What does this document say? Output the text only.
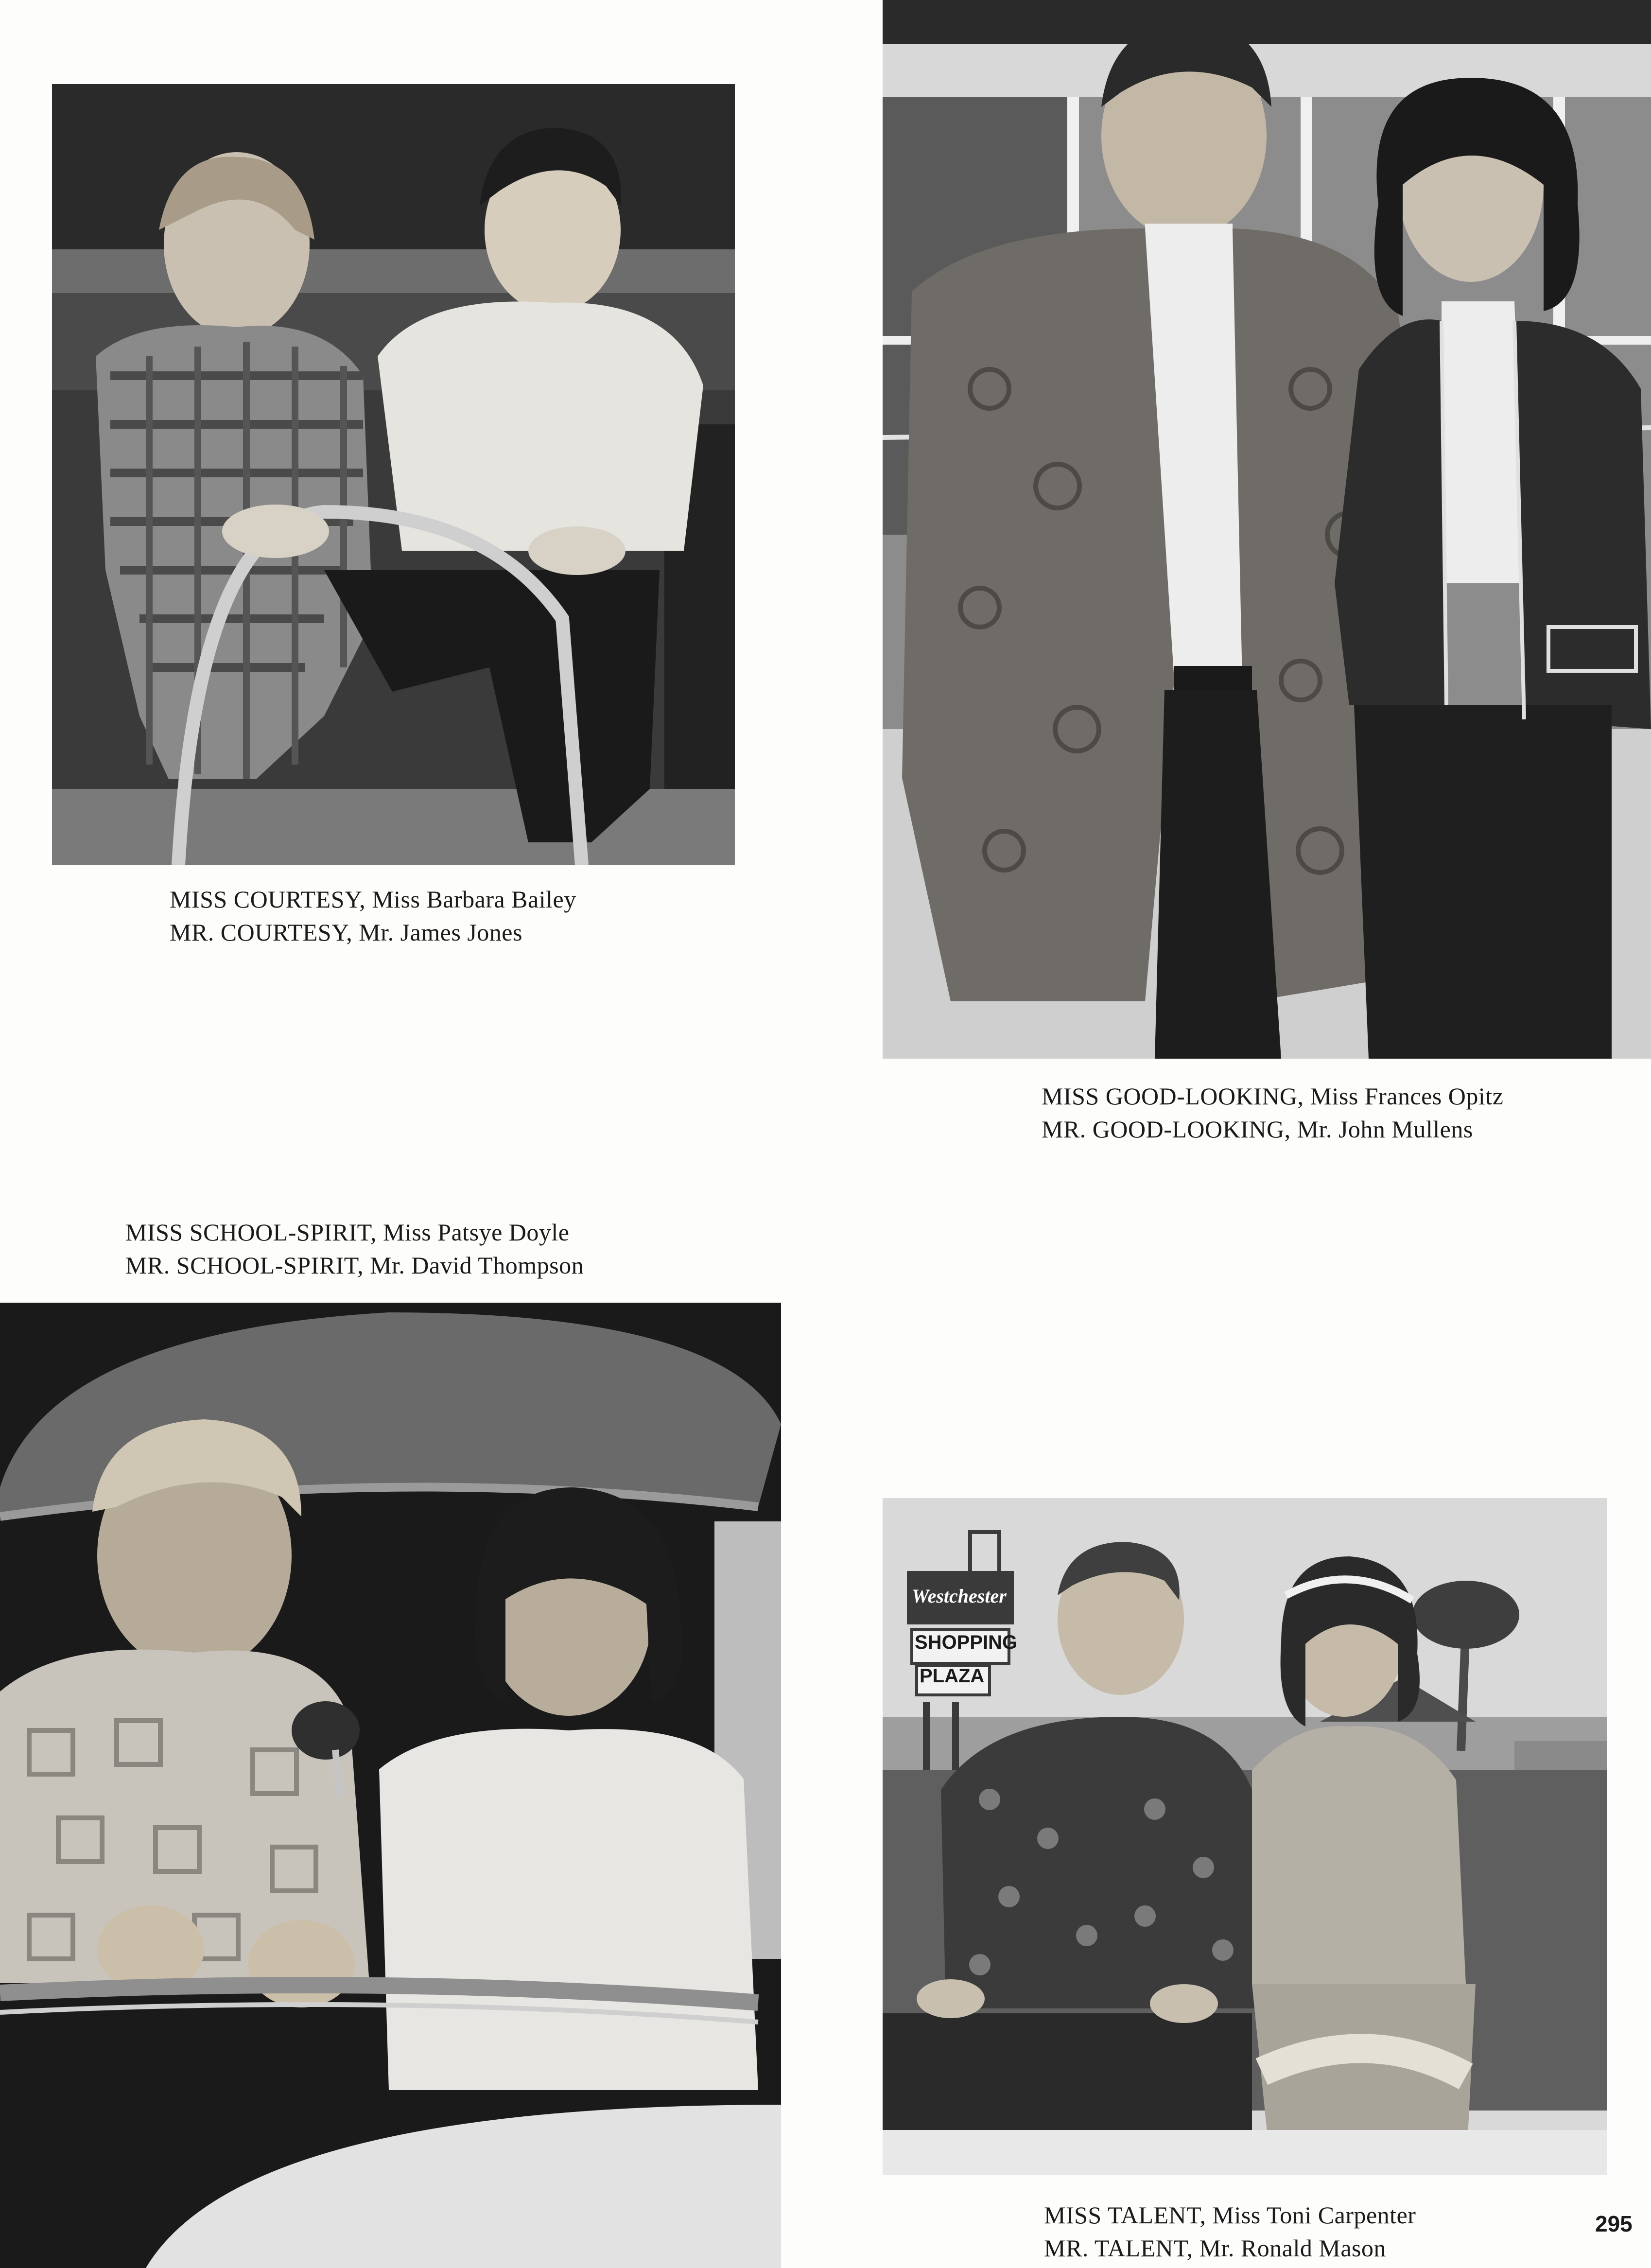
MISS COURTESY, Miss Barbara Bailey
MR. COURTESY, Mr. James Jones
MISS GOOD-LOOKING, Miss Frances Opitz
MR. GOOD-LOOKING, Mr. John Mullens
MISS SCHOOL-SPIRIT, Miss Patsye Doyle
MR. SCHOOL-SPIRIT, Mr. David Thompson
Westchester
SHOPPING
PLAZA
MISS TALENT, Miss Toni Carpenter
MR. TALENT, Mr. Ronald Mason
295
